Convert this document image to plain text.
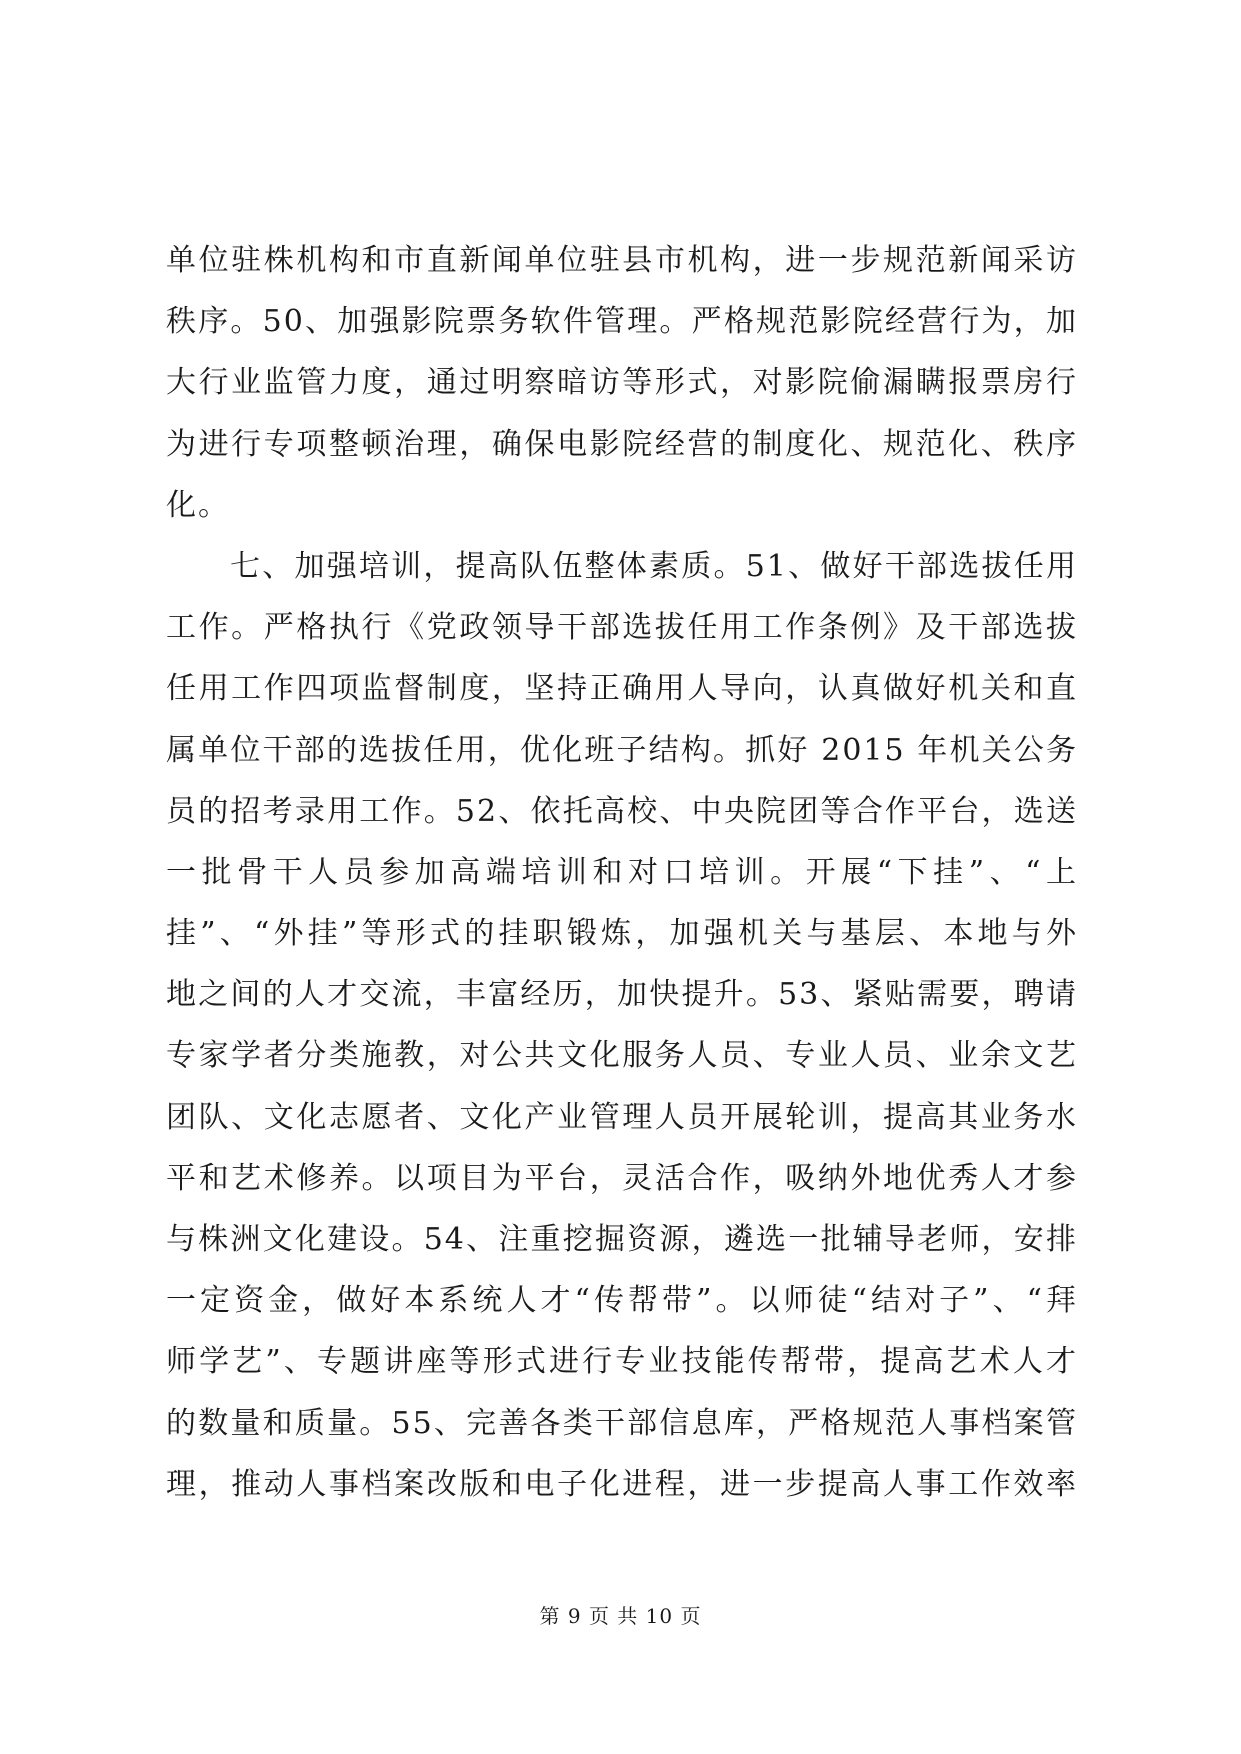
单位驻株机构和市直新闻单位驻县市机构，进一步规范新闻采访
秩序。50、加强影院票务软件管理。严格规范影院经营行为，加
大行业监管力度，通过明察暗访等形式，对影院偷漏瞒报票房行
为进行专项整顿治理，确保电影院经营的制度化、规范化、秩序
化。
七、加强培训，提高队伍整体素质。51、做好干部选拔任用
工作。严格执行《党政领导干部选拔任用工作条例》及干部选拔
任用工作四项监督制度，坚持正确用人导向，认真做好机关和直
属单位干部的选拔任用，优化班子结构。抓好 2015 年机关公务
员的招考录用工作。52、依托高校、中央院团等合作平台，选送
一批骨干人员参加高端培训和对口培训。开展“下挂”、“上
挂”、“外挂”等形式的挂职锻炼，加强机关与基层、本地与外
地之间的人才交流，丰富经历，加快提升。53、紧贴需要，聘请
专家学者分类施教，对公共文化服务人员、专业人员、业余文艺
团队、文化志愿者、文化产业管理人员开展轮训，提高其业务水
平和艺术修养。以项目为平台，灵活合作，吸纳外地优秀人才参
与株洲文化建设。54、注重挖掘资源，遴选一批辅导老师，安排
一定资金，做好本系统人才“传帮带”。以师徒“结对子”、“拜
师学艺”、专题讲座等形式进行专业技能传帮带，提高艺术人才
的数量和质量。55、完善各类干部信息库，严格规范人事档案管
理，推动人事档案改版和电子化进程，进一步提高人事工作效率
第 9 页 共 10 页
